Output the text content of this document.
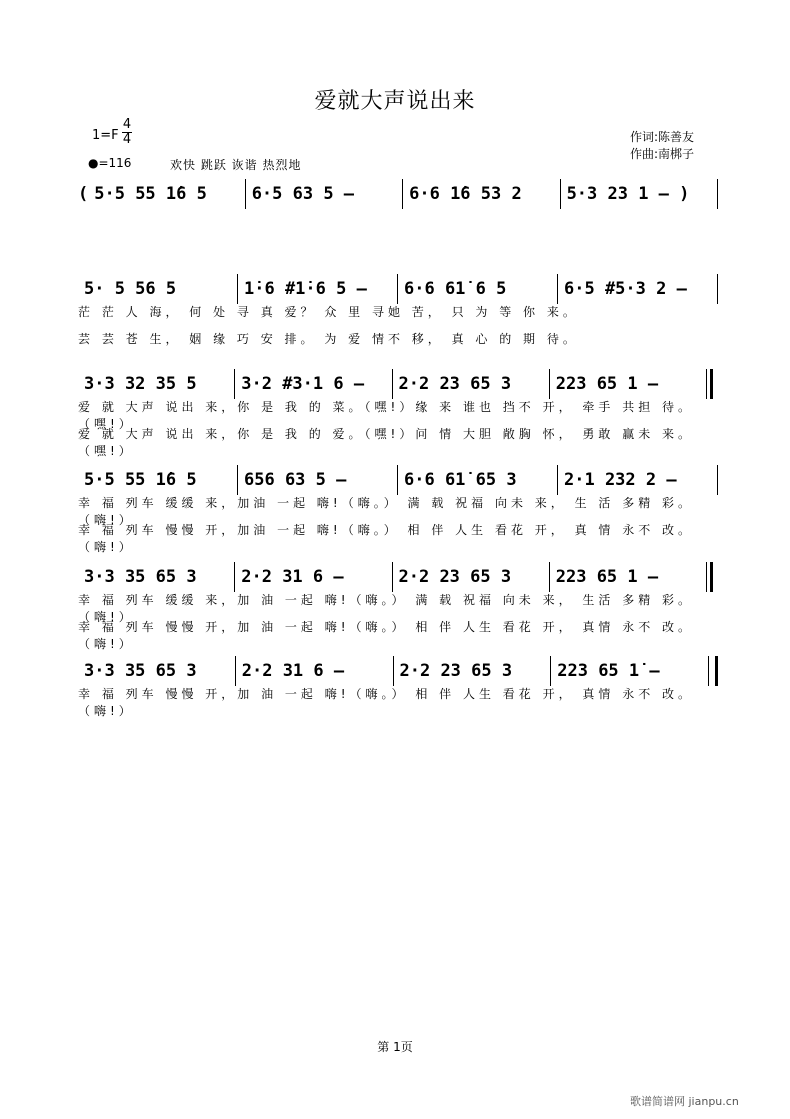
爱就大声说出来
1=F
4
4
●=116	欢快 跳跃 诙谐 热烈地
作词:陈善友
作曲:南梆子
( 5·5 55 1̇6 5	6·5 63 5 –	6·6 1̇6 53 2	5·3 23 1 – )
5· 5 56 5	1̇·6 #1̇·6 5 –	6·6 61̇ 6 5	6·5 #5·3 2 –
茫 茫 人 海， 何 处 寻 真 爱？ 众 里 寻她 苦， 只 为 等 你 来。
芸 芸 苍 生， 姻 缘 巧 安 排。 为 爱 情不 移， 真 心 的 期 待。
3·3 32 35 5	3·2 #3·1 6 –	2·2 23 65 3	223 65 1 –
爱 就 大声 说出 来，你 是 我 的 菜。（嘿!）缘 来 谁也 挡不 开， 牵手 共担 待。（嘿!）
爱 就 大声 说出 来，你 是 我 的 爱。（嘿!）问 情 大胆 敞胸 怀， 勇敢 赢未 来。（嘿!）
5·5 55 1̇6 5	656 63 5 –	6·6 61̇ 65 3	2·1 232 2 –
幸 福 列车 缓缓 来，加油 一起 嗨!（嗨。） 满 载 祝福 向未 来， 生 活 多精 彩。（嗨!）
幸 福 列车 慢慢 开，加油 一起 嗨!（嗨。） 相 伴 人生 看花 开， 真 情 永不 改。（嗨!）
3·3 35 65 3	2·2 31 6 –	2·2 23 65 3	223 65 1 –
幸 福 列车 缓缓 来，加 油 一起 嗨!（嗨。） 满 载 祝福 向未 来， 生活 多精 彩。（嗨!）
幸 福 列车 慢慢 开，加 油 一起 嗨!（嗨。） 相 伴 人生 看花 开， 真情 永不 改。（嗨!）
3·3 35 65 3	2·2 31 6 –	2·2 23 65 3	223 65 1̇ –
幸 福 列车 慢慢 开，加 油 一起 嗨!（嗨。） 相 伴 人生 看花 开， 真情 永不 改。（嗨!）
第 1页
歌谱简谱网 jianpu.cn
